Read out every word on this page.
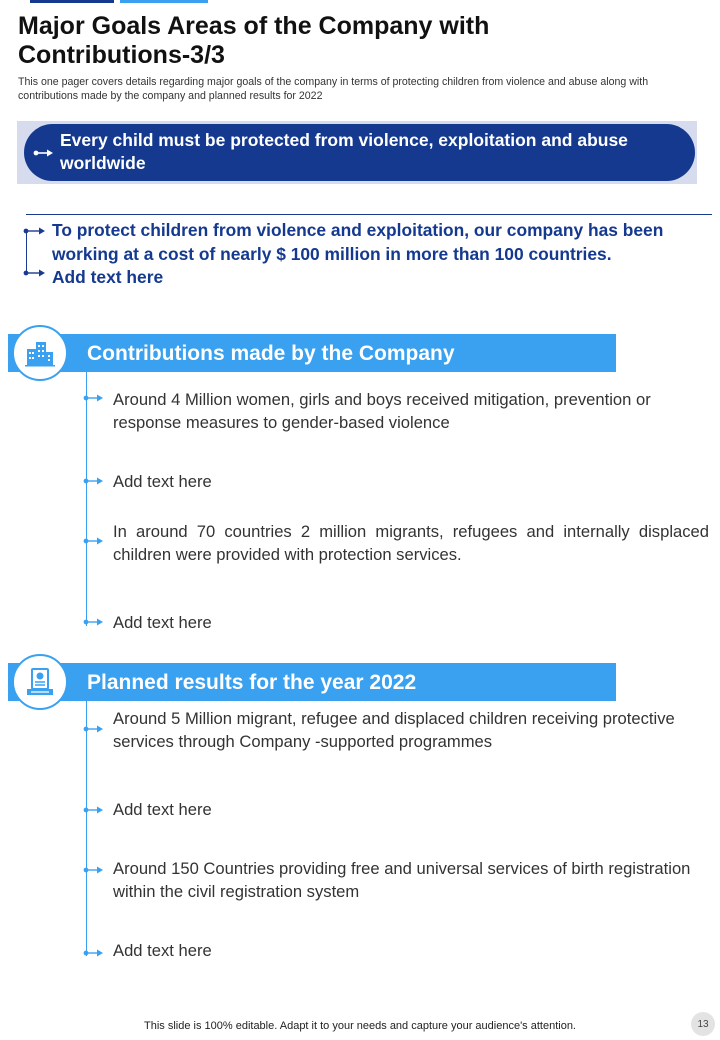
Major Goals Areas of the Company with Contributions-3/3
This one pager covers details regarding major goals of the company in terms of protecting children from violence and abuse along with contributions made by the company and planned results for 2022
Every child must be protected from violence, exploitation and abuse worldwide
To protect children from violence and exploitation, our company has been working at a cost of nearly $ 100 million in more than 100 countries.
Add text here
Contributions made by the Company
Around 4 Million women, girls and boys received mitigation, prevention or response measures to gender-based violence
Add text here
In around 70 countries 2 million migrants, refugees and internally displaced children were provided with protection services.
Add text here
Planned results for the year 2022
Around 5 Million migrant, refugee and displaced children receiving protective services through Company -supported programmes
Add text here
Around 150 Countries providing free and universal services of birth registration within the civil registration system
Add text here
This slide is 100% editable. Adapt it to your needs and capture your audience's attention.	13
